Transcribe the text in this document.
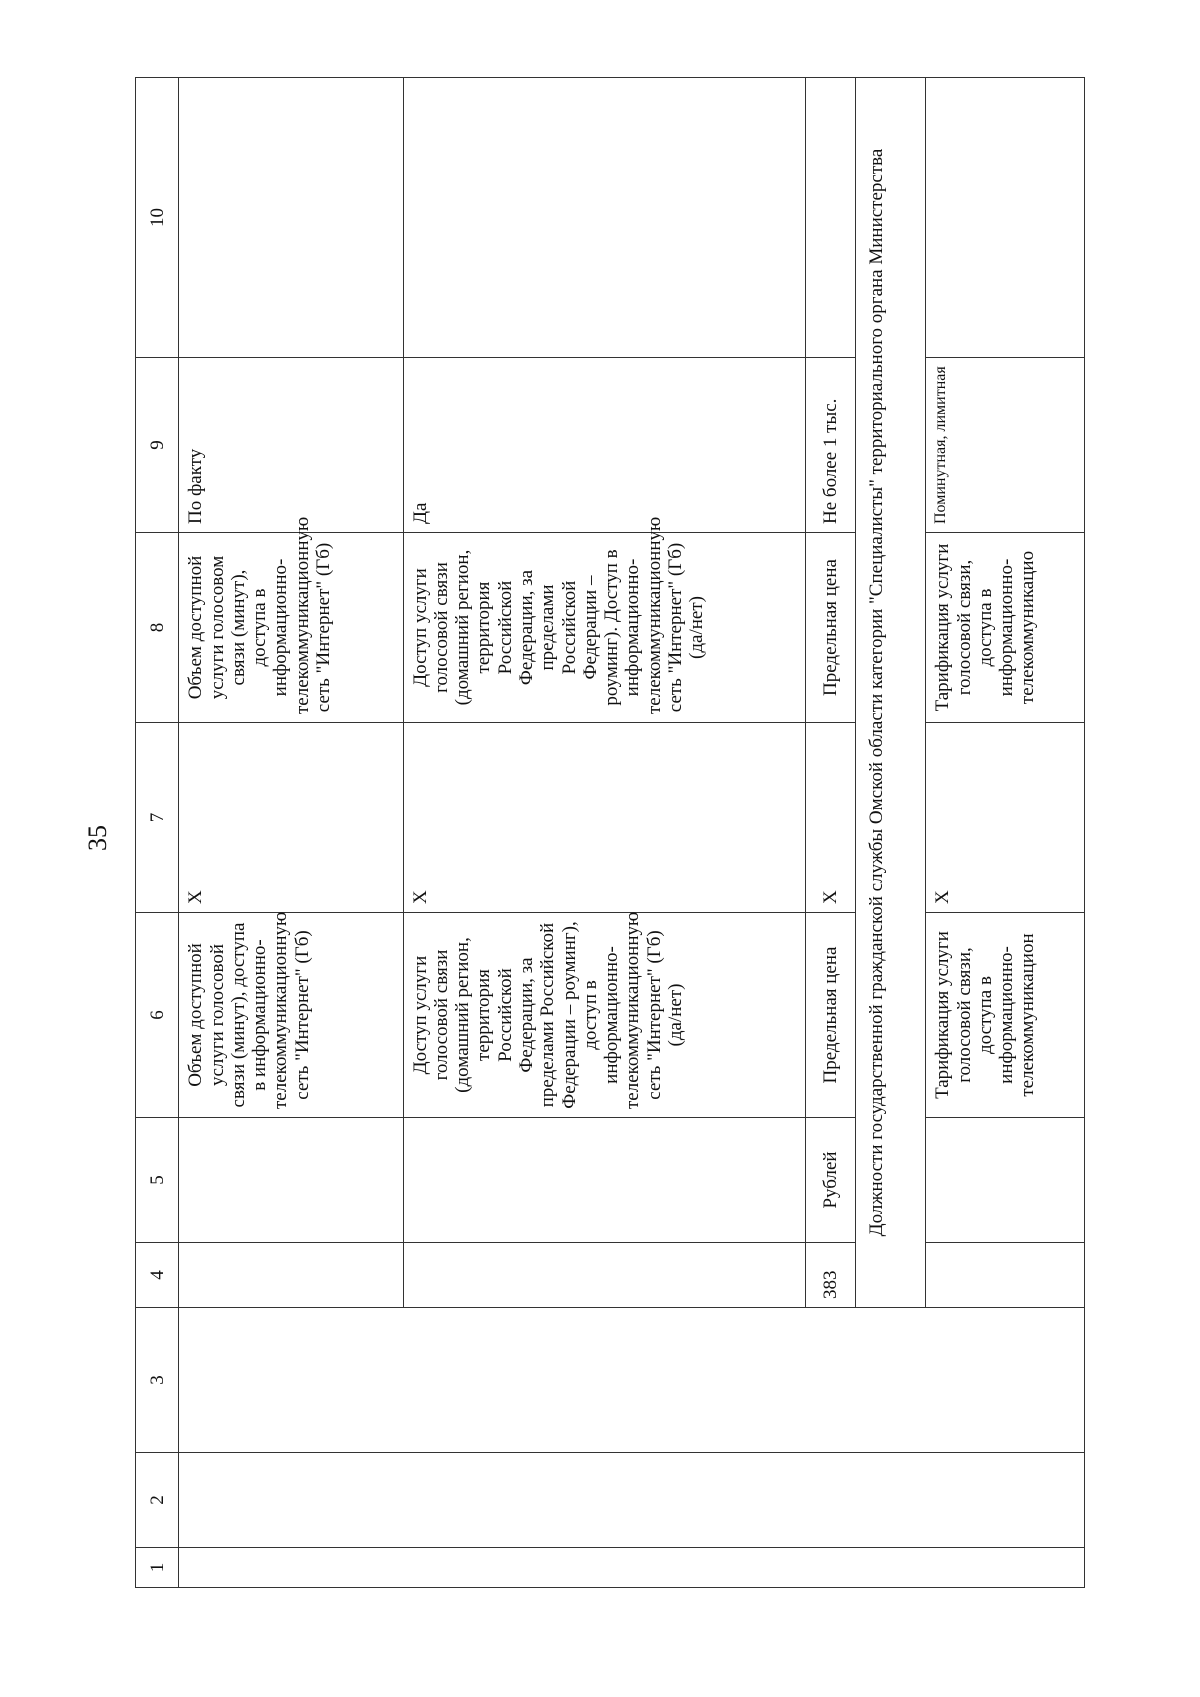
35
1	2	3	4	5	6	7	8	9	10
					Объем доступной услуги голосовой связи (минут), доступа в информационно-телекоммуникационную сеть "Интернет" (Гб)	X	Объем доступной услуги голосовом связи (минут), доступа в информационно-телекоммуникационную сеть "Интернет" (Гб)	По факту	
					Доступ услуги голосовой связи (домашний регион, территория Российской Федерации, за пределами Российской Федерации – роуминг), доступ в информационно-телекоммуникационную сеть "Интернет" (Гб) (да/нет)	X	Доступ услуги голосовой связи (домашний регион, территория Российской Федерации, за пределами Российской Федерации – роуминг). Доступ в информационно-телекоммуникационную сеть "Интернет" (Гб) (да/нет)	Да	
			383	Рублей	Предельная цена	X	Предельная цена	Не более 1 тыс.	
			Должности государственной гражданской службы Омской области категории "Специалисты" территориального органа Министерства						
					Тарификация услуги голосовой связи, доступа в информационно-телекоммуникацион	X	Тарификация услуги голосовой связи, доступа в информационно-телекоммуникацио	Поминутная, лимитная	
